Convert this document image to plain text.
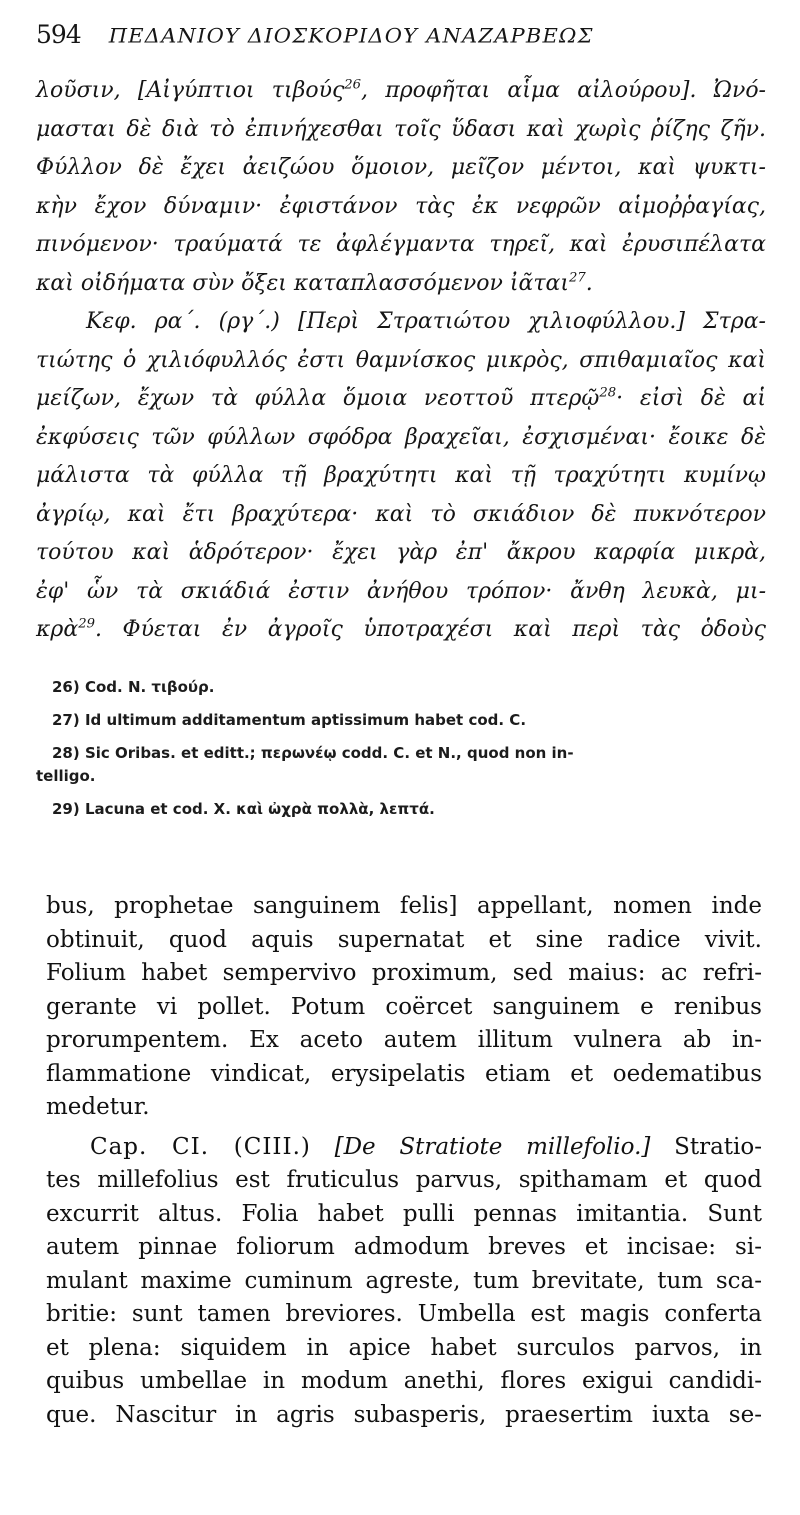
594 ΠΕΔΑΝΙΟΥ ΔΙΟΣΚΟΡΙΔΟΥ ΑΝΑΖΑΡΒΕΩΣ
λοῦσιν, [Αἰγύπτιοι τιβούς$^{26}$, προφῆται αἷμα αἰλούρου]. Ὠνό-
μασται δὲ διὰ τὸ ἐπινήχεσθαι τοῖς ὕδασι καὶ χωρὶς ῥίζης ζῆν.
Φύλλον δὲ ἔχει ἀειζώου ὅμοιον, μεῖζον μέντοι, καὶ ψυκτι-
κὴν ἔχον δύναμιν· ἐφιστάνον τὰς ἐκ νεφρῶν αἱμοῤῥαγίας,
πινόμενον· τραύματά τε ἀφλέγμαντα τηρεῖ, καὶ ἐρυσιπέλατα
καὶ οἰδήματα σὺν ὄξει καταπλασσόμενον ἰᾶται$^{27}$.
Κεφ. ρα΄. (ργ΄.) [Περὶ Στρατιώτου χιλιοφύλλου.] Στρα-
τιώτης ὁ χιλιόφυλλός ἐστι θαμνίσκος μικρὸς, σπιθαμιαῖος καὶ
μείζων, ἔχων τὰ φύλλα ὅμοια νεοττοῦ πτερῷ$^{28}$· εἰσὶ δὲ αἱ
ἐκφύσεις τῶν φύλλων σφόδρα βραχεῖαι, ἐσχισμέναι· ἔοικε δὲ
μάλιστα τὰ φύλλα τῇ βραχύτητι καὶ τῇ τραχύτητι κυμίνῳ
ἀγρίῳ, καὶ ἔτι βραχύτερα· καὶ τὸ σκιάδιον δὲ πυκνότερον
τούτου καὶ ἁδρότερον· ἔχει γὰρ ἐπ' ἄκρου καρφία μικρὰ,
ἐφ' ὧν τὰ σκιάδιά ἐστιν ἀνήθου τρόπον· ἄνθη λευκὰ, μι-
κρὰ$^{29}$. Φύεται ἐν ἀγροῖς ὑποτραχέσι καὶ περὶ τὰς ὁδοὺς
26) Cod. N. τιβούρ.
27) Id ultimum additamentum aptissimum habet cod. C.
28) Sic Oribas. et editt.; περωνέῳ codd. C. et N., quod non in-
telligo.
29) Lacuna et cod. X. καὶ ὠχρὰ πολλὰ, λεπτά.
bus, prophetae sanguinem felis] appellant, nomen inde
obtinuit, quod aquis supernatat et sine radice vivit.
Folium habet sempervivo proximum, sed maius: ac refri-
gerante vi pollet. Potum coërcet sanguinem e renibus
prorumpentem. Ex aceto autem illitum vulnera ab in-
flammatione vindicat, erysipelatis etiam et oedematibus
medetur.
Cap. CI. (CIII.) [De Stratiote millefolio.] Stratio-
tes millefolius est fruticulus parvus, spithamam et quod
excurrit altus. Folia habet pulli pennas imitantia. Sunt
autem pinnae foliorum admodum breves et incisae: si-
mulant maxime cuminum agreste, tum brevitate, tum sca-
britie: sunt tamen breviores. Umbella est magis conferta
et plena: siquidem in apice habet surculos parvos, in
quibus umbellae in modum anethi, flores exigui candidi-
que. Nascitur in agris subasperis, praesertim iuxta se-
